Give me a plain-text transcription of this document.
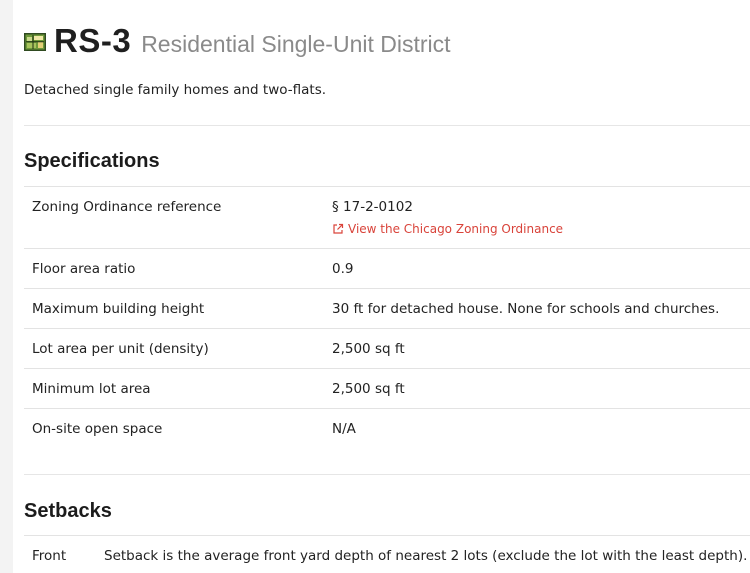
RS-3 Residential Single-Unit District
Detached single family homes and two-flats.
Specifications
Zoning Ordinance reference	§ 17-2-0102
View the Chicago Zoning Ordinance
Floor area ratio	0.9
Maximum building height	30 ft for detached house. None for schools and churches.
Lot area per unit (density)	2,500 sq ft
Minimum lot area	2,500 sq ft
On-site open space	N/A
Setbacks
Front	Setback is the average front yard depth of nearest 2 lots (exclude the lot with the least depth).
